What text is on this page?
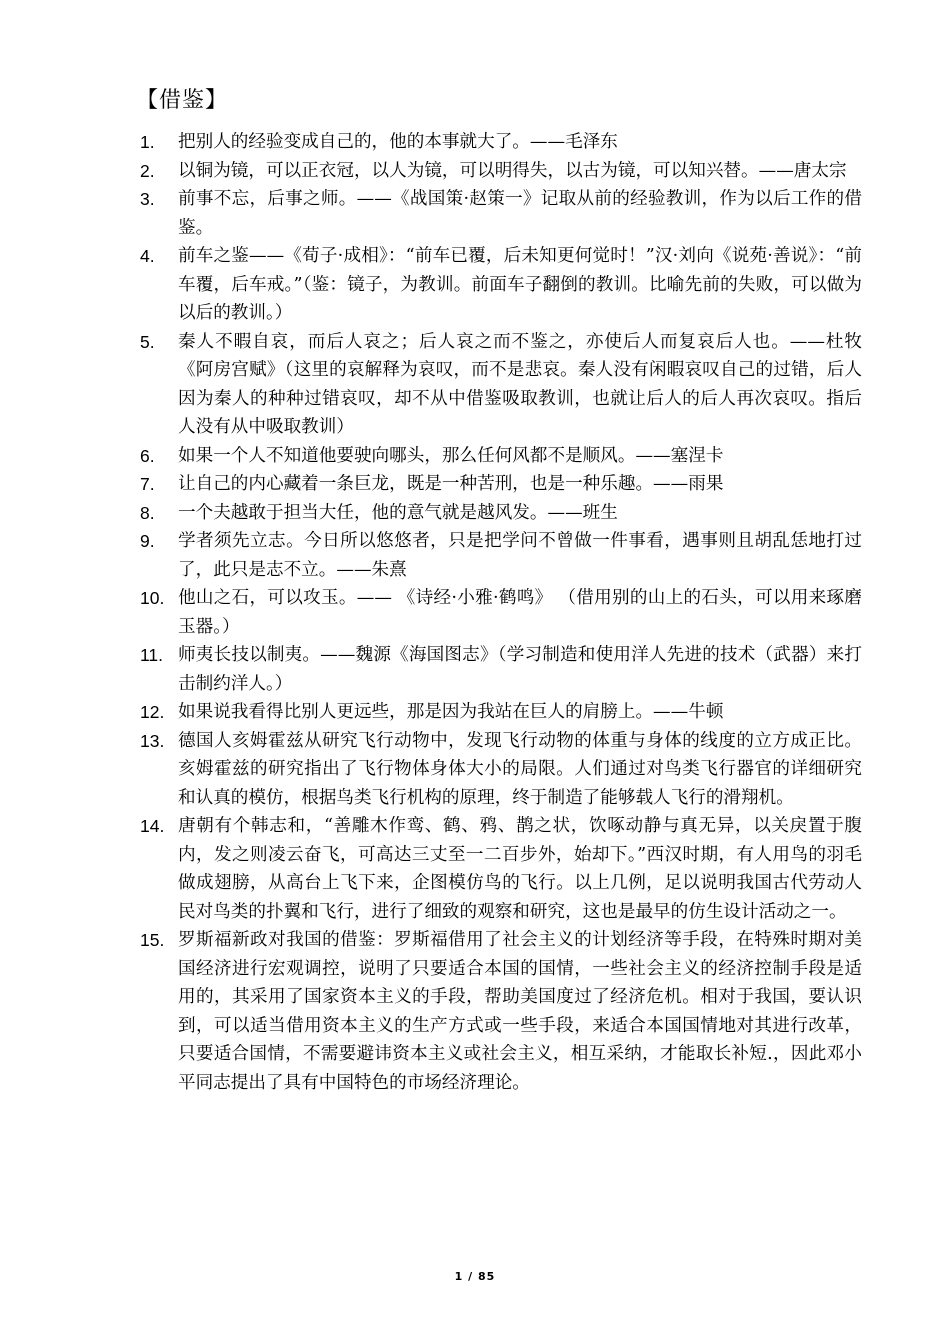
【借鉴】
1.	把别人的经验变成自己的，他的本事就大了。——毛泽东
2.	以铜为镜，可以正衣冠，以人为镜，可以明得失，以古为镜，可以知兴替。——唐太宗
3.	前事不忘，后事之师。——《战国策·赵策一》记取从前的经验教训，作为以后工作的借鉴。
4.	前车之鉴——《荀子·成相》：“前车已覆，后未知更何觉时！”汉·刘向《说苑·善说》：“前车覆，后车戒。”（鉴：镜子，为教训。前面车子翻倒的教训。比喻先前的失败，可以做为以后的教训。）
5.	秦人不暇自哀，而后人哀之；后人哀之而不鉴之，亦使后人而复哀后人也。——杜牧《阿房宫赋》（这里的哀解释为哀叹，而不是悲哀。秦人没有闲暇哀叹自己的过错，后人因为秦人的种种过错哀叹，却不从中借鉴吸取教训，也就让后人的后人再次哀叹。指后人没有从中吸取教训）
6.	如果一个人不知道他要驶向哪头，那么任何风都不是顺风。——塞涅卡
7.	让自己的内心藏着一条巨龙，既是一种苦刑，也是一种乐趣。——雨果
8.	一个夫越敢于担当大任，他的意气就是越风发。——班生
9.	学者须先立志。今日所以悠悠者，只是把学问不曾做一件事看，遇事则且胡乱恁地打过了，此只是志不立。——朱熹
10. 他山之石，可以攻玉。—— 《诗经·小雅·鹤鸣》 （借用别的山上的石头，可以用来琢磨玉器。）
11. 师夷长技以制夷。——魏源《海国图志》（学习制造和使用洋人先进的技术（武器）来打击制约洋人。）
12. 如果说我看得比别人更远些，那是因为我站在巨人的肩膀上。——牛顿
13. 德国人亥姆霍兹从研究飞行动物中，发现飞行动物的体重与身体的线度的立方成正比。亥姆霍兹的研究指出了飞行物体身体大小的局限。人们通过对鸟类飞行器官的详细研究和认真的模仿，根据鸟类飞行机构的原理，终于制造了能够载人飞行的滑翔机。
14. 唐朝有个韩志和，“善雕木作鸾、鹤、鸦、鹊之状，饮啄动静与真无异，以关戾置于腹内，发之则凌云奋飞，可高达三丈至一二百步外，始却下。”西汉时期，有人用鸟的羽毛做成翅膀，从高台上飞下来，企图模仿鸟的飞行。以上几例，足以说明我国古代劳动人民对鸟类的扑翼和飞行，进行了细致的观察和研究，这也是最早的仿生设计活动之一。
15. 罗斯福新政对我国的借鉴：罗斯福借用了社会主义的计划经济等手段，在特殊时期对美国经济进行宏观调控，说明了只要适合本国的国情，一些社会主义的经济控制手段是适用的，其采用了国家资本主义的手段，帮助美国度过了经济危机。相对于我国，要认识到，可以适当借用资本主义的生产方式或一些手段，来适合本国国情地对其进行改革，只要适合国情，不需要避讳资本主义或社会主义，相互采纳，才能取长补短.，因此邓小平同志提出了具有中国特色的市场经济理论。
1 / 85
